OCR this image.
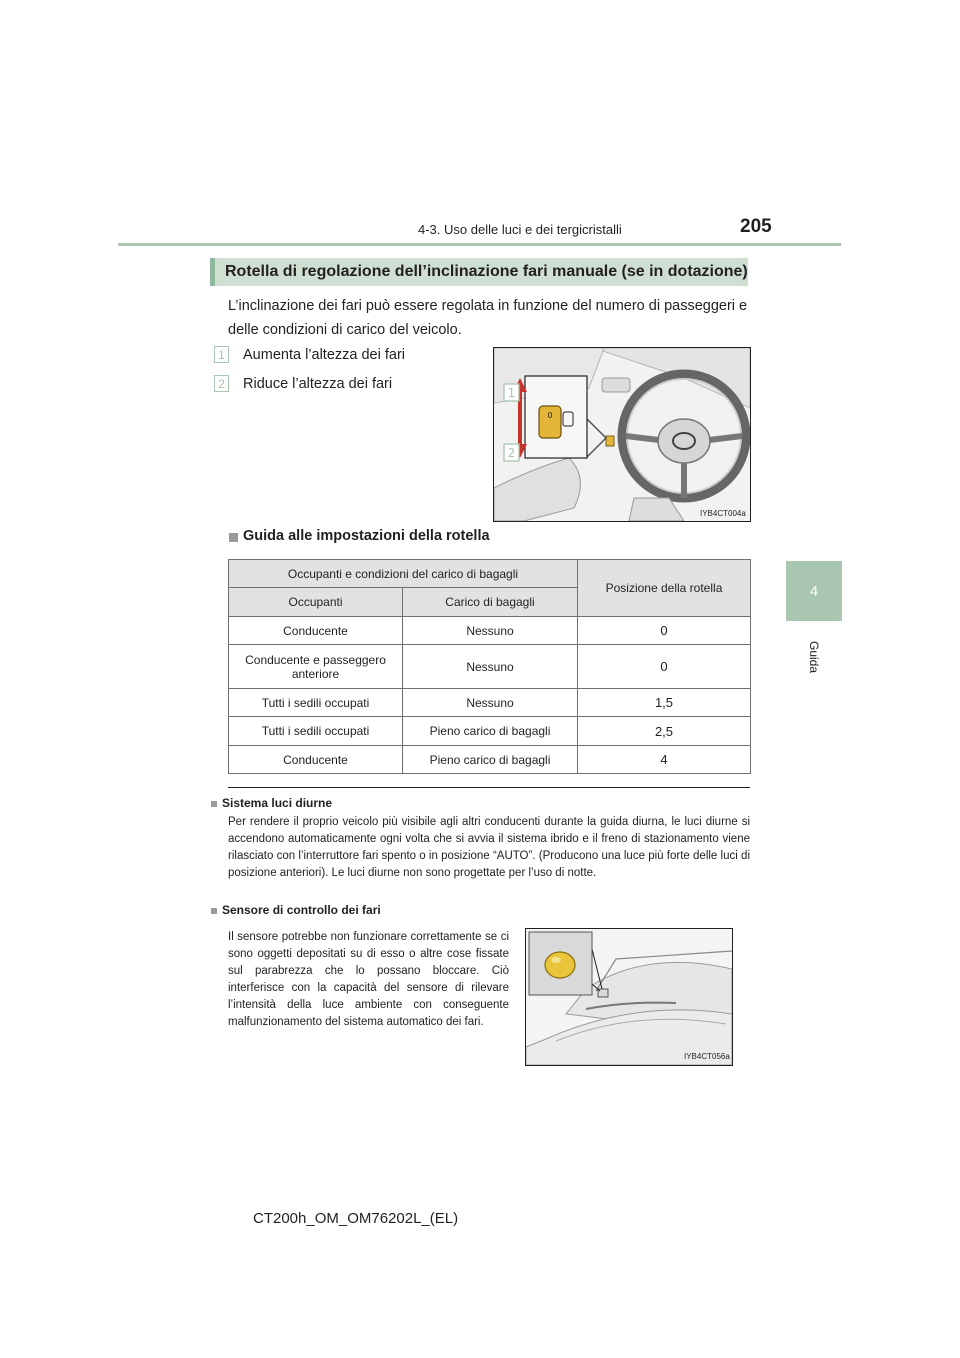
4-3. Uso delle luci e dei tergicristalli	205
4
Guida
Rotella di regolazione dell’inclinazione fari manuale (se in dotazione)
L’inclinazione dei fari può essere regolata in funzione del numero di passeggeri e delle condizioni di carico del veicolo.
1 Aumenta l’altezza dei fari
2 Riduce l’altezza dei fari
0
1
2
IYB4CT004a
Guida alle impostazioni della rotella
Occupanti e condizioni del carico di bagagli		Posizione della rotella
Occupanti	Carico di bagagli	
Conducente	Nessuno	0
Conducente e passeggero anteriore	Nessuno	0
Tutti i sedili occupati	Nessuno	1,5
Tutti i sedili occupati	Pieno carico di bagagli	2,5
Conducente	Pieno carico di bagagli	4
Sistema luci diurne
Per rendere il proprio veicolo più visibile agli altri conducenti durante la guida diurna, le luci diurne si accendono automaticamente ogni volta che si avvia il sistema ibrido e il freno di stazionamento viene rilasciato con l’interruttore fari spento o in posizione “AUTO”. (Producono una luce più forte delle luci di posizione anteriori). Le luci diurne non sono progettate per l’uso di notte.
Sensore di controllo dei fari
Il sensore potrebbe non funzionare correttamente se ci sono oggetti depositati su di esso o altre cose fissate sul parabrezza che lo possano bloccare. Ciò interferisce con la capacità del sensore di rilevare l’intensità della luce ambiente con conseguente malfunzionamento del sistema automatico dei fari.
IYB4CT056a
CT200h_OM_OM76202L_(EL)
